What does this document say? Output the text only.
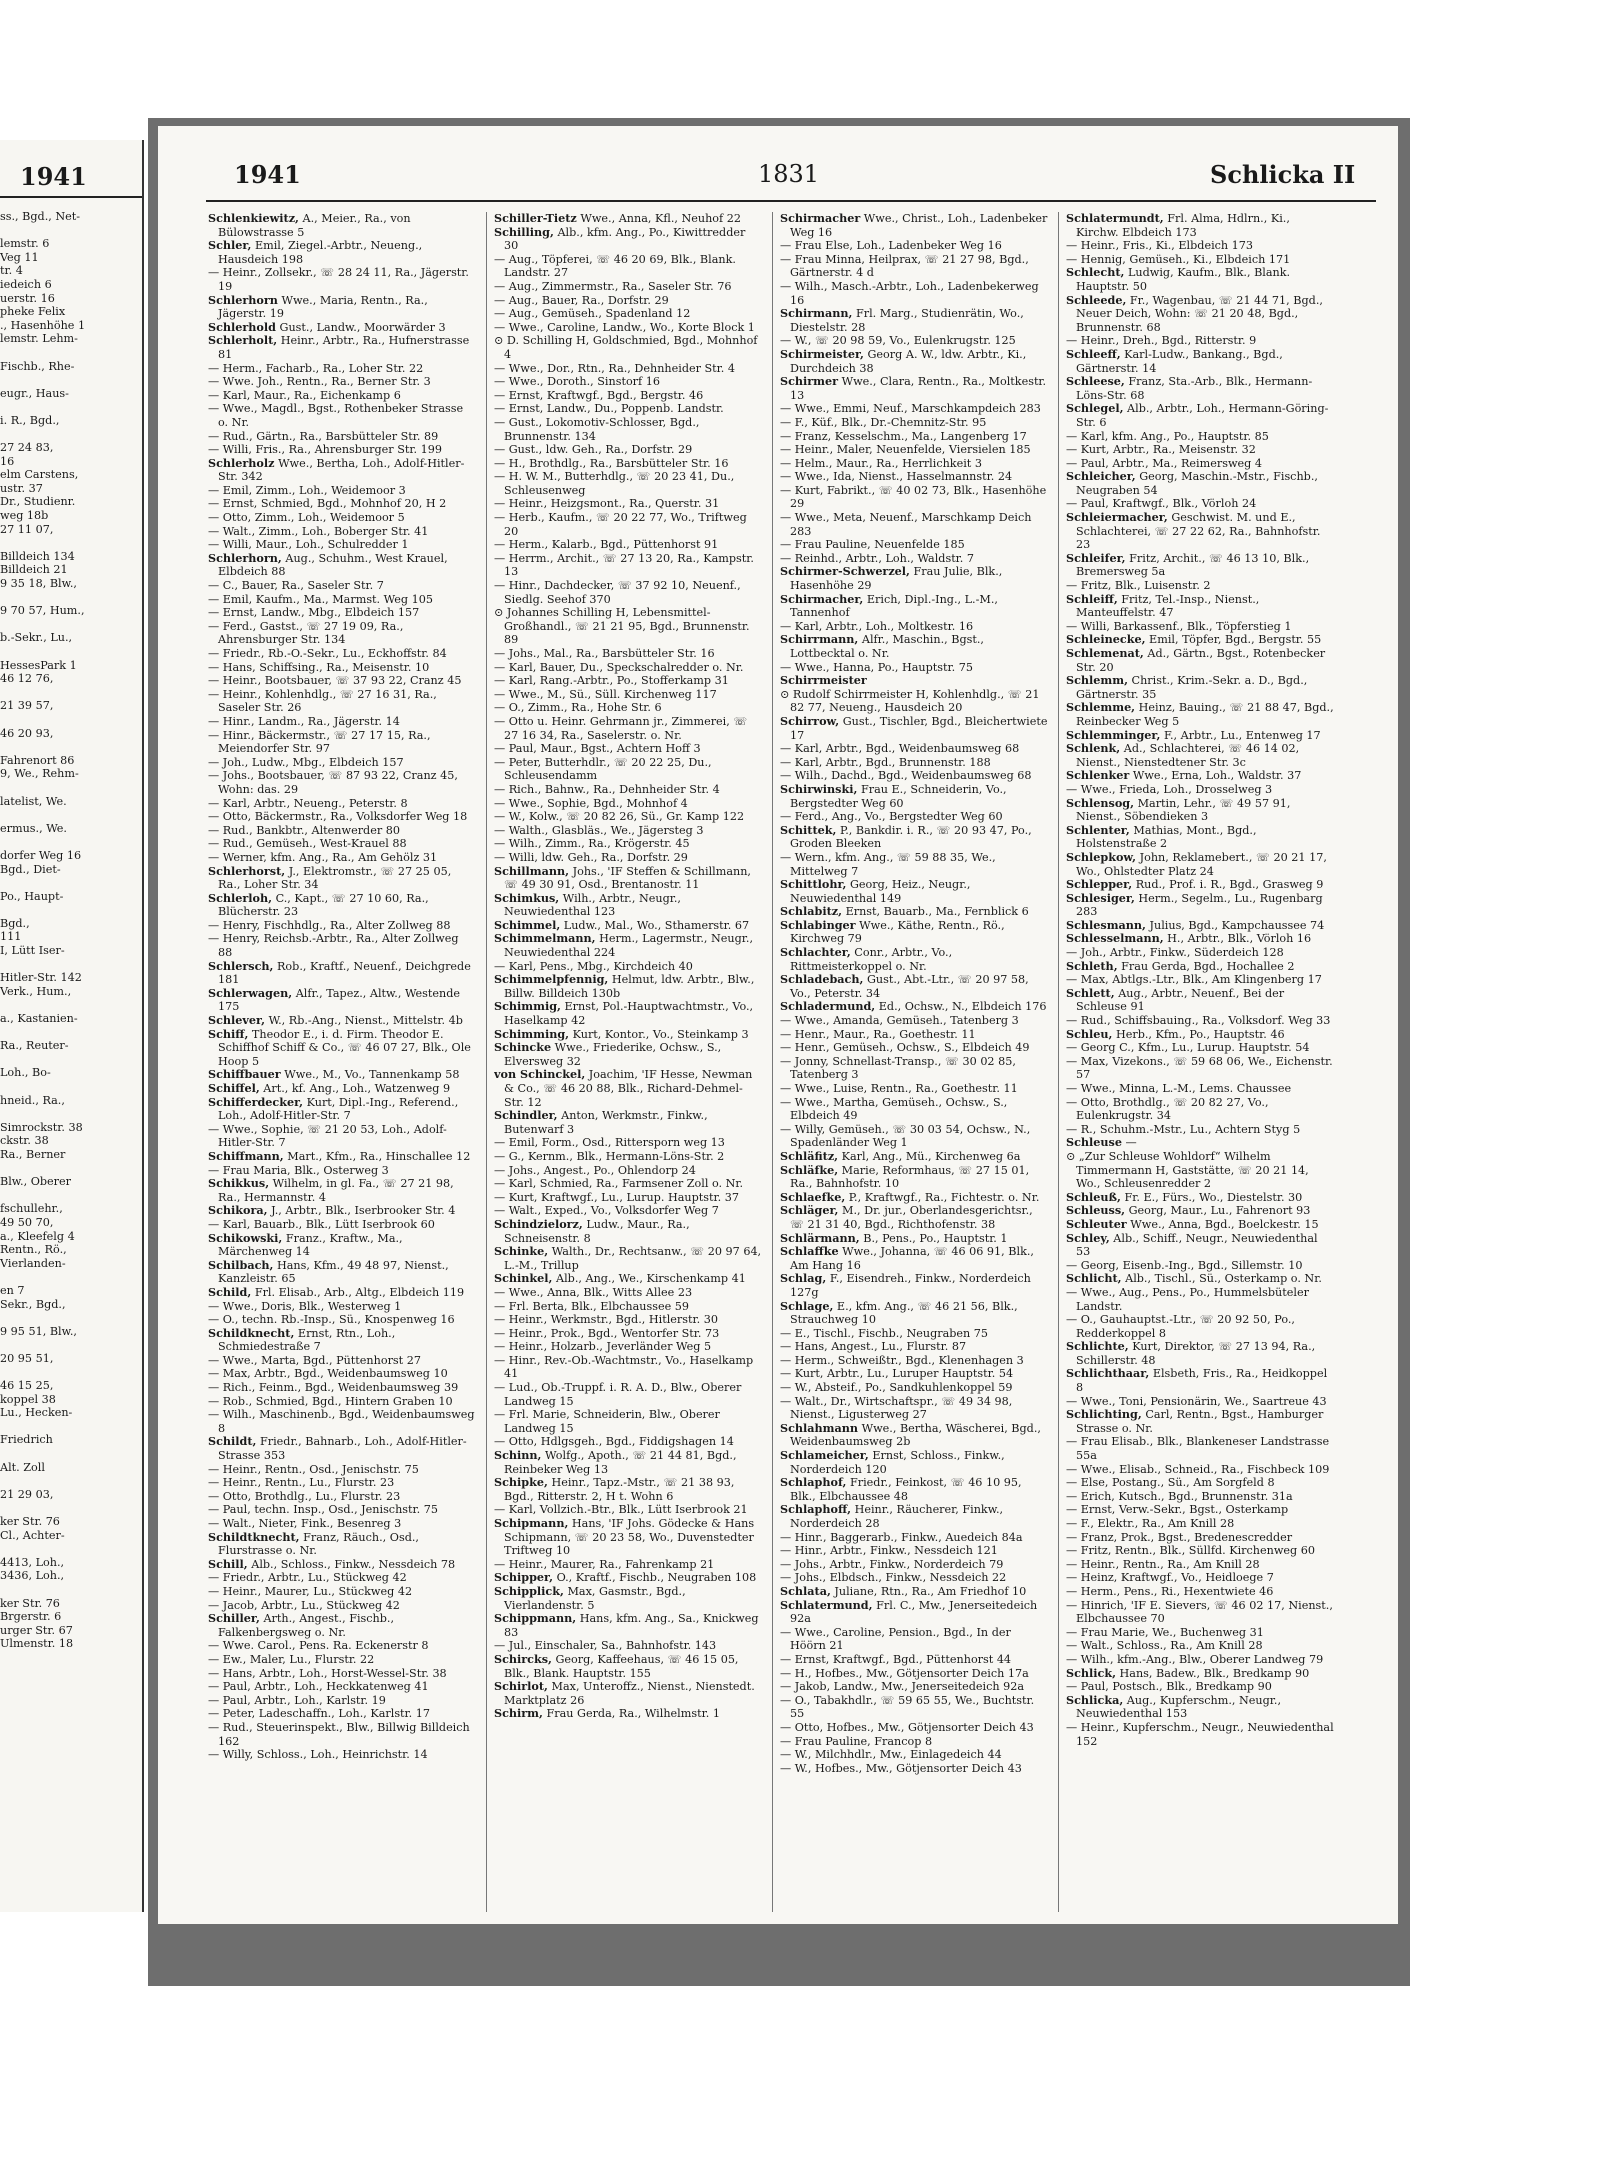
1941
ss., Bgd., Net-

lemstr. 6
Veg 11
tr. 4
iedeich 6
uerstr. 16
pheke Felix
., Hasenhöhe 1
lemstr. Lehm-

Fischb., Rhe-

eugr., Haus-

i. R., Bgd.,

27 24 83,
16
elm Carstens,
ustr. 37
Dr., Studienr.
weg 18b
27 11 07,

Billdeich 134
Billdeich 21
9 35 18, Blw.,

9 70 57, Hum.,

b.-Sekr., Lu.,

HessesPark 1
46 12 76,

21 39 57,

46 20 93,

Fahrenort 86
9, We., Rehm-

latelist, We.

ermus., We.

dorfer Weg 16
Bgd., Diet-

Po., Haupt-

Bgd.,
111
I, Lütt Iser-

Hitler-Str. 142
Verk., Hum.,

a., Kastanien-

Ra., Reuter-

Loh., Bo-

hneid., Ra.,

Simrockstr. 38
ckstr. 38
Ra., Berner

Blw., Oberer

fschullehr.,
49 50 70,
a., Kleefelg 4
Rentn., Rö.,
Vierlanden-

en 7
Sekr., Bgd.,

9 95 51, Blw.,

20 95 51,

46 15 25,
koppel 38
Lu., Hecken-

Friedrich

Alt. Zoll

21 29 03,

ker Str. 76
Cl., Achter-

4413, Loh.,
3436, Loh.,

ker Str. 76
Brgerstr. 6
urger Str. 67
Ulmenstr. 18
1941	1831	Schlicka II
Schlenkiewitz, A., Meier., Ra., von Bülowstrasse 5
Schler, Emil, Ziegel.-Arbtr., Neueng., Hausdeich 198
— Heinr., Zollsekr., ☏ 28 24 11, Ra., Jägerstr. 19
Schlerhorn Wwe., Maria, Rentn., Ra., Jägerstr. 19
Schlerhold Gust., Landw., Moorwärder 3
Schlerholt, Heinr., Arbtr., Ra., Hufnerstrasse 81
— Herm., Facharb., Ra., Loher Str. 22
— Wwe. Joh., Rentn., Ra., Berner Str. 3
— Karl, Maur., Ra., Eichenkamp 6
— Wwe., Magdl., Bgst., Rothenbeker Strasse o. Nr.
— Rud., Gärtn., Ra., Barsbütteler Str. 89
— Willi, Fris., Ra., Ahrensburger Str. 199
Schlerholz Wwe., Bertha, Loh., Adolf-Hitler-Str. 342
— Emil, Zimm., Loh., Weidemoor 3
— Ernst, Schmied, Bgd., Mohnhof 20, H 2
— Otto, Zimm., Loh., Weidemoor 5
— Walt., Zimm., Loh., Boberger Str. 41
— Willi, Maur., Loh., Schulredder 1
Schlerhorn, Aug., Schuhm., West Krauel, Elbdeich 88
— C., Bauer, Ra., Saseler Str. 7
— Emil, Kaufm., Ma., Marmst. Weg 105
— Ernst, Landw., Mbg., Elbdeich 157
— Ferd., Gastst., ☏ 27 19 09, Ra., Ahrensburger Str. 134
— Friedr., Rb.-O.-Sekr., Lu., Eckhoffstr. 84
— Hans, Schiffsing., Ra., Meisenstr. 10
— Heinr., Bootsbauer, ☏ 37 93 22, Cranz 45
— Heinr., Kohlenhdlg., ☏ 27 16 31, Ra., Saseler Str. 26
— Hinr., Landm., Ra., Jägerstr. 14
— Hinr., Bäckermstr., ☏ 27 17 15, Ra., Meiendorfer Str. 97
— Joh., Ludw., Mbg., Elbdeich 157
— Johs., Bootsbauer, ☏ 87 93 22, Cranz 45, Wohn: das. 29
— Karl, Arbtr., Neueng., Peterstr. 8
— Otto, Bäckermstr., Ra., Volksdorfer Weg 18
— Rud., Bankbtr., Altenwerder 80
— Rud., Gemüseh., West-Krauel 88
— Werner, kfm. Ang., Ra., Am Gehölz 31
Schlerhorst, J., Elektromstr., ☏ 27 25 05, Ra., Loher Str. 34
Schlerloh, C., Kapt., ☏ 27 10 60, Ra., Blücherstr. 23
— Henry, Fischhdlg., Ra., Alter Zollweg 88
— Henry, Reichsb.-Arbtr., Ra., Alter Zollweg 88
Schlersch, Rob., Kraftf., Neuenf., Deichgrede 181
Schlerwagen, Alfr., Tapez., Altw., Westende 175
Schlever, W., Rb.-Ang., Nienst., Mittelstr. 4b
Schiff, Theodor E., i. d. Firm. Theodor E. Schiffhof Schiff & Co., ☏ 46 07 27, Blk., Ole Hoop 5
Schiffbauer Wwe., M., Vo., Tannenkamp 58
Schiffel, Art., kf. Ang., Loh., Watzenweg 9
Schifferdecker, Kurt, Dipl.-Ing., Referend., Loh., Adolf-Hitler-Str. 7
— Wwe., Sophie, ☏ 21 20 53, Loh., Adolf-Hitler-Str. 7
Schiffmann, Mart., Kfm., Ra., Hinschallee 12
— Frau Maria, Blk., Osterweg 3
Schikkus, Wilhelm, in gl. Fa., ☏ 27 21 98, Ra., Hermannstr. 4
Schikora, J., Arbtr., Blk., Iserbrooker Str. 4
— Karl, Bauarb., Blk., Lütt Iserbrook 60
Schikowski, Franz., Kraftw., Ma., Märchenweg 14
Schilbach, Hans, Kfm., 49 48 97, Nienst., Kanzleistr. 65
Schild, Frl. Elisab., Arb., Altg., Elbdeich 119
— Wwe., Doris, Blk., Westerweg 1
— O., techn. Rb.-Insp., Sü., Knospenweg 16
Schildknecht, Ernst, Rtn., Loh., Schmiedestraße 7
— Wwe., Marta, Bgd., Püttenhorst 27
— Max, Arbtr., Bgd., Weidenbaumsweg 10
— Rich., Feinm., Bgd., Weidenbaumsweg 39
— Rob., Schmied, Bgd., Hintern Graben 10
— Wilh., Maschinenb., Bgd., Weidenbaumsweg 8
Schildt, Friedr., Bahnarb., Loh., Adolf-Hitler-Strasse 353
— Heinr., Rentn., Osd., Jenischstr. 75
— Heinr., Rentn., Lu., Flurstr. 23
— Otto, Brothdlg., Lu., Flurstr. 23
— Paul, techn. Insp., Osd., Jenischstr. 75
— Walt., Nieter, Fink., Besenreg 3
Schildtknecht, Franz, Räuch., Osd., Flurstrasse o. Nr.
Schill, Alb., Schloss., Finkw., Nessdeich 78
— Friedr., Arbtr., Lu., Stückweg 42
— Heinr., Maurer, Lu., Stückweg 42
— Jacob, Arbtr., Lu., Stückweg 42
Schiller, Arth., Angest., Fischb., Falkenbergsweg o. Nr.
— Wwe. Carol., Pens. Ra. Eckenerstr 8
— Ew., Maler, Lu., Flurstr. 22
— Hans, Arbtr., Loh., Horst-Wessel-Str. 38
— Paul, Arbtr., Loh., Heckkatenweg 41
— Paul, Arbtr., Loh., Karlstr. 19
— Peter, Ladeschaffn., Loh., Karlstr. 17
— Rud., Steuerinspekt., Blw., Billwig Billdeich 162
— Willy, Schloss., Loh., Heinrichstr. 14
Schiller-Tietz Wwe., Anna, Kfl., Neuhof 22
Schilling, Alb., kfm. Ang., Po., Kiwittredder 30
— Aug., Töpferei, ☏ 46 20 69, Blk., Blank. Landstr. 27
— Aug., Zimmermstr., Ra., Saseler Str. 76
— Aug., Bauer, Ra., Dorfstr. 29
— Aug., Gemüseh., Spadenland 12
— Wwe., Caroline, Landw., Wo., Korte Block 1
⊙ D. Schilling H, Goldschmied, Bgd., Mohnhof 4
— Wwe., Dor., Rtn., Ra., Dehnheider Str. 4
— Wwe., Doroth., Sinstorf 16
— Ernst, Kraftwgf., Bgd., Bergstr. 46
— Ernst, Landw., Du., Poppenb. Landstr.
— Gust., Lokomotiv-Schlosser, Bgd., Brunnenstr. 134
— Gust., ldw. Geh., Ra., Dorfstr. 29
— H., Brothdlg., Ra., Barsbütteler Str. 16
— H. W. M., Butterhdlg., ☏ 20 23 41, Du., Schleusenweg
— Heinr., Heizgsmont., Ra., Querstr. 31
— Herb., Kaufm., ☏ 20 22 77, Wo., Triftweg 20
— Herm., Kalarb., Bgd., Püttenhorst 91
— Herrm., Archit., ☏ 27 13 20, Ra., Kampstr. 13
— Hinr., Dachdecker, ☏ 37 92 10, Neuenf., Siedlg. Seehof 370
⊙ Johannes Schilling H, Lebensmittel-Großhandl., ☏ 21 21 95, Bgd., Brunnenstr. 89
— Johs., Mal., Ra., Barsbütteler Str. 16
— Karl, Bauer, Du., Speckschalredder o. Nr.
— Karl, Rang.-Arbtr., Po., Stofferkamp 31
— Wwe., M., Sü., Süll. Kirchenweg 117
— O., Zimm., Ra., Hohe Str. 6
— Otto u. Heinr. Gehrmann jr., Zimmerei, ☏ 27 16 34, Ra., Saselerstr. o. Nr.
— Paul, Maur., Bgst., Achtern Hoff 3
— Peter, Butterhdlr., ☏ 20 22 25, Du., Schleusendamm
— Rich., Bahnw., Ra., Dehnheider Str. 4
— Wwe., Sophie, Bgd., Mohnhof 4
— W., Kolw., ☏ 20 82 26, Sü., Gr. Kamp 122
— Walth., Glasbläs., We., Jägersteg 3
— Wilh., Zimm., Ra., Krögerstr. 45
— Willi, ldw. Geh., Ra., Dorfstr. 29
Schillmann, Johs., 'IF Steffen & Schillmann, ☏ 49 30 91, Osd., Brentanostr. 11
Schimkus, Wilh., Arbtr., Neugr., Neuwiedenthal 123
Schimmel, Ludw., Mal., Wo., Sthamerstr. 67
Schimmelmann, Herm., Lagermstr., Neugr., Neuwiedenthal 224
— Karl, Pens., Mbg., Kirchdeich 40
Schimmelpfennig, Helmut, ldw. Arbtr., Blw., Billw. Billdeich 130b
Schimmig, Ernst, Pol.-Hauptwachtmstr., Vo., Haselkamp 42
Schimming, Kurt, Kontor., Vo., Steinkamp 3
Schincke Wwe., Friederike, Ochsw., S., Elversweg 32
von Schinckel, Joachim, 'IF Hesse, Newman & Co., ☏ 46 20 88, Blk., Richard-Dehmel-Str. 12
Schindler, Anton, Werkmstr., Finkw., Butenwarf 3
— Emil, Form., Osd., Rittersporn weg 13
— G., Kernm., Blk., Hermann-Löns-Str. 2
— Johs., Angest., Po., Ohlendorp 24
— Karl, Schmied, Ra., Farmsener Zoll o. Nr.
— Kurt, Kraftwgf., Lu., Lurup. Hauptstr. 37
— Walt., Exped., Vo., Volksdorfer Weg 7
Schindzielorz, Ludw., Maur., Ra., Schneisenstr. 8
Schinke, Walth., Dr., Rechtsanw., ☏ 20 97 64, L.-M., Trillup
Schinkel, Alb., Ang., We., Kirschenkamp 41
— Wwe., Anna, Blk., Witts Allee 23
— Frl. Berta, Blk., Elbchaussee 59
— Heinr., Werkmstr., Bgd., Hitlerstr. 30
— Heinr., Prok., Bgd., Wentorfer Str. 73
— Heinr., Holzarb., Jeverländer Weg 5
— Hinr., Rev.-Ob.-Wachtmstr., Vo., Haselkamp 41
— Lud., Ob.-Truppf. i. R. A. D., Blw., Oberer Landweg 15
— Frl. Marie, Schneiderin, Blw., Oberer Landweg 15
— Otto, Hdlgsgeh., Bgd., Fiddigshagen 14
Schinn, Wolfg., Apoth., ☏ 21 44 81, Bgd., Reinbeker Weg 13
Schipke, Heinr., Tapz.-Mstr., ☏ 21 38 93, Bgd., Ritterstr. 2, H t. Wohn 6
— Karl, Vollzich.-Btr., Blk., Lütt Iserbrook 21
Schipmann, Hans, 'IF Johs. Gödecke & Hans Schipmann, ☏ 20 23 58, Wo., Duvenstedter Triftweg 10
— Heinr., Maurer, Ra., Fahrenkamp 21
Schipper, O., Kraftf., Fischb., Neugraben 108
Schipplick, Max, Gasmstr., Bgd., Vierlandenstr. 5
Schippmann, Hans, kfm. Ang., Sa., Knickweg 83
— Jul., Einschaler, Sa., Bahnhofstr. 143
Schircks, Georg, Kaffeehaus, ☏ 46 15 05, Blk., Blank. Hauptstr. 155
Schirlot, Max, Unteroffz., Nienst., Nienstedt. Marktplatz 26
Schirm, Frau Gerda, Ra., Wilhelmstr. 1
Schirmacher Wwe., Christ., Loh., Ladenbeker Weg 16
— Frau Else, Loh., Ladenbeker Weg 16
— Frau Minna, Heilprax, ☏ 21 27 98, Bgd., Gärtnerstr. 4 d
— Wilh., Masch.-Arbtr., Loh., Ladenbekerweg 16
Schirmann, Frl. Marg., Studienrätin, Wo., Diestelstr. 28
— W., ☏ 20 98 59, Vo., Eulenkrugstr. 125
Schirmeister, Georg A. W., ldw. Arbtr., Ki., Durchdeich 38
Schirmer Wwe., Clara, Rentn., Ra., Moltkestr. 13
— Wwe., Emmi, Neuf., Marschkampdeich 283
— F., Küf., Blk., Dr.-Chemnitz-Str. 95
— Franz, Kesselschm., Ma., Langenberg 17
— Heinr., Maler, Neuenfelde, Viersielen 185
— Helm., Maur., Ra., Herrlichkeit 3
— Wwe., Ida, Nienst., Hasselmannstr. 24
— Kurt, Fabrikt., ☏ 40 02 73, Blk., Hasenhöhe 29
— Wwe., Meta, Neuenf., Marschkamp Deich 283
— Frau Pauline, Neuenfelde 185
— Reinhd., Arbtr., Loh., Waldstr. 7
Schirmer-Schwerzel, Frau Julie, Blk., Hasenhöhe 29
Schirmacher, Erich, Dipl.-Ing., L.-M., Tannenhof
— Karl, Arbtr., Loh., Moltkestr. 16
Schirrmann, Alfr., Maschin., Bgst., Lottbecktal o. Nr.
— Wwe., Hanna, Po., Hauptstr. 75
Schirrmeister
⊙ Rudolf Schirrmeister H, Kohlenhdlg., ☏ 21 82 77, Neueng., Hausdeich 20
Schirrow, Gust., Tischler, Bgd., Bleichertwiete 17
— Karl, Arbtr., Bgd., Weidenbaumsweg 68
— Karl, Arbtr., Bgd., Brunnenstr. 188
— Wilh., Dachd., Bgd., Weidenbaumsweg 68
Schirwinski, Frau E., Schneiderin, Vo., Bergstedter Weg 60
— Ferd., Ang., Vo., Bergstedter Weg 60
Schittek, P., Bankdir. i. R., ☏ 20 93 47, Po., Groden Bleeken
— Wern., kfm. Ang., ☏ 59 88 35, We., Mittelweg 7
Schittlohr, Georg, Heiz., Neugr., Neuwiedenthal 149
Schlabitz, Ernst, Bauarb., Ma., Fernblick 6
Schlabinger Wwe., Käthe, Rentn., Rö., Kirchweg 79
Schlachter, Conr., Arbtr., Vo., Rittmeisterkoppel o. Nr.
Schladebach, Gust., Abt.-Ltr., ☏ 20 97 58, Vo., Peterstr. 34
Schladermund, Ed., Ochsw., N., Elbdeich 176
— Wwe., Amanda, Gemüseh., Tatenberg 3
— Henr., Maur., Ra., Goethestr. 11
— Henr., Gemüseh., Ochsw., S., Elbdeich 49
— Jonny, Schnellast-Transp., ☏ 30 02 85, Tatenberg 3
— Wwe., Luise, Rentn., Ra., Goethestr. 11
— Wwe., Martha, Gemüseh., Ochsw., S., Elbdeich 49
— Willy, Gemüseh., ☏ 30 03 54, Ochsw., N., Spadenländer Weg 1
Schläfitz, Karl, Ang., Mü., Kirchenweg 6a
Schläfke, Marie, Reformhaus, ☏ 27 15 01, Ra., Bahnhofstr. 10
Schlaefke, P., Kraftwgf., Ra., Fichtestr. o. Nr.
Schläger, M., Dr. jur., Oberlandesgerichtsr., ☏ 21 31 40, Bgd., Richthofenstr. 38
Schlärmann, B., Pens., Po., Hauptstr. 1
Schlaffke Wwe., Johanna, ☏ 46 06 91, Blk., Am Hang 16
Schlag, F., Eisendreh., Finkw., Norderdeich 127g
Schlage, E., kfm. Ang., ☏ 46 21 56, Blk., Strauchweg 10
— E., Tischl., Fischb., Neugraben 75
— Hans, Angest., Lu., Flurstr. 87
— Herm., Schweißtr., Bgd., Klenenhagen 3
— Kurt, Arbtr., Lu., Luruper Hauptstr. 54
— W., Absteif., Po., Sandkuhlenkoppel 59
— Walt., Dr., Wirtschaftspr., ☏ 49 34 98, Nienst., Ligusterweg 27
Schlahmann Wwe., Bertha, Wäscherei, Bgd., Weidenbaumsweg 2b
Schlameicher, Ernst, Schloss., Finkw., Norderdeich 120
Schlaphof, Friedr., Feinkost, ☏ 46 10 95, Blk., Elbchaussee 48
Schlaphoff, Heinr., Räucherer, Finkw., Norderdeich 28
— Hinr., Baggerarb., Finkw., Auedeich 84a
— Hinr., Arbtr., Finkw., Nessdeich 121
— Johs., Arbtr., Finkw., Norderdeich 79
— Johs., Elbdsch., Finkw., Nessdeich 22
Schlata, Juliane, Rtn., Ra., Am Friedhof 10
Schlatermund, Frl. C., Mw., Jenerseitedeich 92a
— Wwe., Caroline, Pension., Bgd., In der Höörn 21
— Ernst, Kraftwgf., Bgd., Püttenhorst 44
— H., Hofbes., Mw., Götjensorter Deich 17a
— Jakob, Landw., Mw., Jenerseitedeich 92a
— O., Tabakhdlr., ☏ 59 65 55, We., Buchtstr. 55
— Otto, Hofbes., Mw., Götjensorter Deich 43
— Frau Pauline, Francop 8
— W., Milchhdlr., Mw., Einlagedeich 44
— W., Hofbes., Mw., Götjensorter Deich 43
Schlatermundt, Frl. Alma, Hdlrn., Ki., Kirchw. Elbdeich 173
— Heinr., Fris., Ki., Elbdeich 173
— Hennig, Gemüseh., Ki., Elbdeich 171
Schlecht, Ludwig, Kaufm., Blk., Blank. Hauptstr. 50
Schleede, Fr., Wagenbau, ☏ 21 44 71, Bgd., Neuer Deich, Wohn: ☏ 21 20 48, Bgd., Brunnenstr. 68
— Heinr., Dreh., Bgd., Ritterstr. 9
Schleeff, Karl-Ludw., Bankang., Bgd., Gärtnerstr. 14
Schleese, Franz, Sta.-Arb., Blk., Hermann-Löns-Str. 68
Schlegel, Alb., Arbtr., Loh., Hermann-Göring-Str. 6
— Karl, kfm. Ang., Po., Hauptstr. 85
— Kurt, Arbtr., Ra., Meisenstr. 32
— Paul, Arbtr., Ma., Reimersweg 4
Schleicher, Georg, Maschin.-Mstr., Fischb., Neugraben 54
— Paul, Kraftwgf., Blk., Vörloh 24
Schleiermacher, Geschwist. M. und E., Schlachterei, ☏ 27 22 62, Ra., Bahnhofstr. 23
Schleifer, Fritz, Archit., ☏ 46 13 10, Blk., Bremersweg 5a
— Fritz, Blk., Luisenstr. 2
Schleiff, Fritz, Tel.-Insp., Nienst., Manteuffelstr. 47
— Willi, Barkassenf., Blk., Töpferstieg 1
Schleinecke, Emil, Töpfer, Bgd., Bergstr. 55
Schlemenat, Ad., Gärtn., Bgst., Rotenbecker Str. 20
Schlemm, Christ., Krim.-Sekr. a. D., Bgd., Gärtnerstr. 35
Schlemme, Heinz, Bauing., ☏ 21 88 47, Bgd., Reinbecker Weg 5
Schlemminger, F., Arbtr., Lu., Entenweg 17
Schlenk, Ad., Schlachterei, ☏ 46 14 02, Nienst., Nienstedtener Str. 3c
Schlenker Wwe., Erna, Loh., Waldstr. 37
— Wwe., Frieda, Loh., Drosselweg 3
Schlensog, Martin, Lehr., ☏ 49 57 91, Nienst., Söbendieken 3
Schlenter, Mathias, Mont., Bgd., Holstenstraße 2
Schlepkow, John, Reklamebert., ☏ 20 21 17, Wo., Ohlstedter Platz 24
Schlepper, Rud., Prof. i. R., Bgd., Grasweg 9
Schlesiger, Herm., Segelm., Lu., Rugenbarg 283
Schlesmann, Julius, Bgd., Kampchaussee 74
Schlesselmann, H., Arbtr., Blk., Vörloh 16
— Joh., Arbtr., Finkw., Süderdeich 128
Schleth, Frau Gerda, Bgd., Hochallee 2
— Max, Abtlgs.-Ltr., Blk., Am Klingenberg 17
Schlett, Aug., Arbtr., Neuenf., Bei der Schleuse 91
— Rud., Schiffsbauing., Ra., Volksdorf. Weg 33
Schleu, Herb., Kfm., Po., Hauptstr. 46
— Georg C., Kfm., Lu., Lurup. Hauptstr. 54
— Max, Vizekons., ☏ 59 68 06, We., Eichenstr. 57
— Wwe., Minna, L.-M., Lems. Chaussee
— Otto, Brothdlg., ☏ 20 82 27, Vo., Eulenkrugstr. 34
— R., Schuhm.-Mstr., Lu., Achtern Styg 5
Schleuse —
⊙ „Zur Schleuse Wohldorf“ Wilhelm Timmermann H, Gaststätte, ☏ 20 21 14, Wo., Schleusenredder 2
Schleuß, Fr. E., Fürs., Wo., Diestelstr. 30
Schleuss, Georg, Maur., Lu., Fahrenort 93
Schleuter Wwe., Anna, Bgd., Boelckestr. 15
Schley, Alb., Schiff., Neugr., Neuwiedenthal 53
— Georg, Eisenb.-Ing., Bgd., Sillemstr. 10
Schlicht, Alb., Tischl., Sü., Osterkamp o. Nr.
— Wwe., Aug., Pens., Po., Hummelsbüteler Landstr.
— O., Gauhauptst.-Ltr., ☏ 20 92 50, Po., Redderkoppel 8
Schlichte, Kurt, Direktor, ☏ 27 13 94, Ra., Schillerstr. 48
Schlichthaar, Elsbeth, Fris., Ra., Heidkoppel 8
— Wwe., Toni, Pensionärin, We., Saartreue 43
Schlichting, Carl, Rentn., Bgst., Hamburger Strasse o. Nr.
— Frau Elisab., Blk., Blankeneser Landstrasse 55a
— Wwe., Elisab., Schneid., Ra., Fischbeck 109
— Else, Postang., Sü., Am Sorgfeld 8
— Erich, Kutsch., Bgd., Brunnenstr. 31a
— Ernst, Verw.-Sekr., Bgst., Osterkamp
— F., Elektr., Ra., Am Knill 28
— Franz, Prok., Bgst., Bredenescredder
— Fritz, Rentn., Blk., Süllfd. Kirchenweg 60
— Heinr., Rentn., Ra., Am Knill 28
— Heinz, Kraftwgf., Vo., Heidloege 7
— Herm., Pens., Ri., Hexentwiete 46
— Hinrich, 'IF E. Sievers, ☏ 46 02 17, Nienst., Elbchaussee 70
— Frau Marie, We., Buchenweg 31
— Walt., Schloss., Ra., Am Knill 28
— Wilh., kfm.-Ang., Blw., Oberer Landweg 79
Schlick, Hans, Badew., Blk., Bredkamp 90
— Paul, Postsch., Blk., Bredkamp 90
Schlicka, Aug., Kupferschm., Neugr., Neuwiedenthal 153
— Heinr., Kupferschm., Neugr., Neuwiedenthal 152
